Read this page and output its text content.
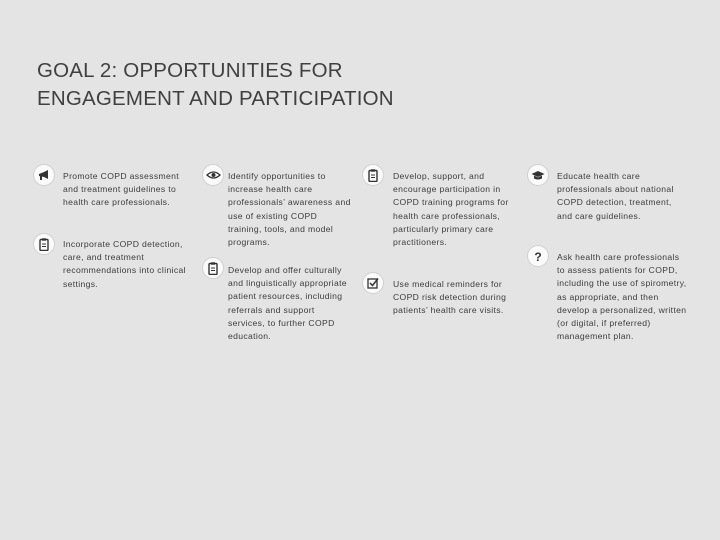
GOAL 2: OPPORTUNITIES FOR
ENGAGEMENT AND PARTICIPATION
Promote COPD assessment and treatment guidelines to health care professionals.
Incorporate COPD detection, care, and treatment recommendations into clinical settings.
Identify opportunities to increase health care professionals’ awareness and use of existing COPD training, tools, and model programs.
Develop and offer culturally and linguistically appropriate patient resources, including referrals and support services, to further COPD education.
Develop, support, and encourage participation in COPD training programs for health care professionals, particularly primary care practitioners.
Use medical reminders for COPD risk detection during patients’ health care visits.
Educate health care professionals about national COPD detection, treatment, and care guidelines.
? Ask health care professionals to assess patients for COPD, including the use of spirometry, as appropriate, and then develop a personalized, written (or digital, if preferred) management plan.
